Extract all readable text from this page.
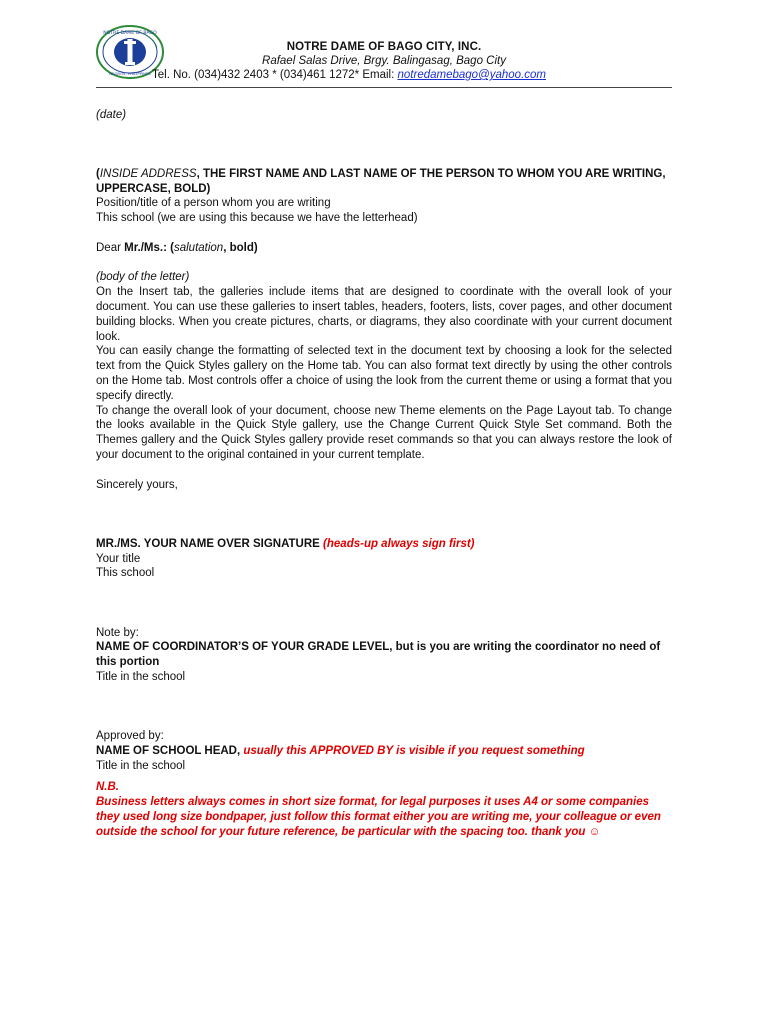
NOTRE DAME OF BAGO
NEGROS, PHILIPPINES
NOTRE DAME OF BAGO CITY, INC.
Rafael Salas Drive, Brgy. Balingasag, Bago City
Tel. No. (034)432 2403 * (034)461 1272* Email: notredamebago@yahoo.com

(date)

(INSIDE ADDRESS, THE FIRST NAME AND LAST NAME OF THE PERSON TO WHOM YOU ARE WRITING, UPPERCASE, BOLD)

Position/title of a person whom you are writing

This school (we are using this because we have the letterhead)

Dear Mr./Ms.: (salutation, bold)

(body of the letter)

On the Insert tab, the galleries include items that are designed to coordinate with the overall look of your document. You can use these galleries to insert tables, headers, footers, lists, cover pages, and other document building blocks. When you create pictures, charts, or diagrams, they also coordinate with your current document look.

You can easily change the formatting of selected text in the document text by choosing a look for the selected text from the Quick Styles gallery on the Home tab. You can also format text directly by using the other controls on the Home tab. Most controls offer a choice of using the look from the current theme or using a format that you specify directly.

To change the overall look of your document, choose new Theme elements on the Page Layout tab. To change the looks available in the Quick Style gallery, use the Change Current Quick Style Set command. Both the Themes gallery and the Quick Styles gallery provide reset commands so that you can always restore the look of your document to the original contained in your current template.

Sincerely yours,

MR./MS. YOUR NAME OVER SIGNATURE (heads-up always sign first)

Your title

This school

Note by:

NAME OF COORDINATOR’S OF YOUR GRADE LEVEL, but is you are writing the coordinator no need of this portion

Title in the school

Approved by:

NAME OF SCHOOL HEAD, usually this APPROVED BY is visible if you request something

Title in the school

N.B.

Business letters always comes in short size format, for legal purposes it uses A4 or some companies they used long size bondpaper, just follow this format either you are writing me, your colleague or even outside the school for your future reference, be particular with the spacing too. thank you ☺
